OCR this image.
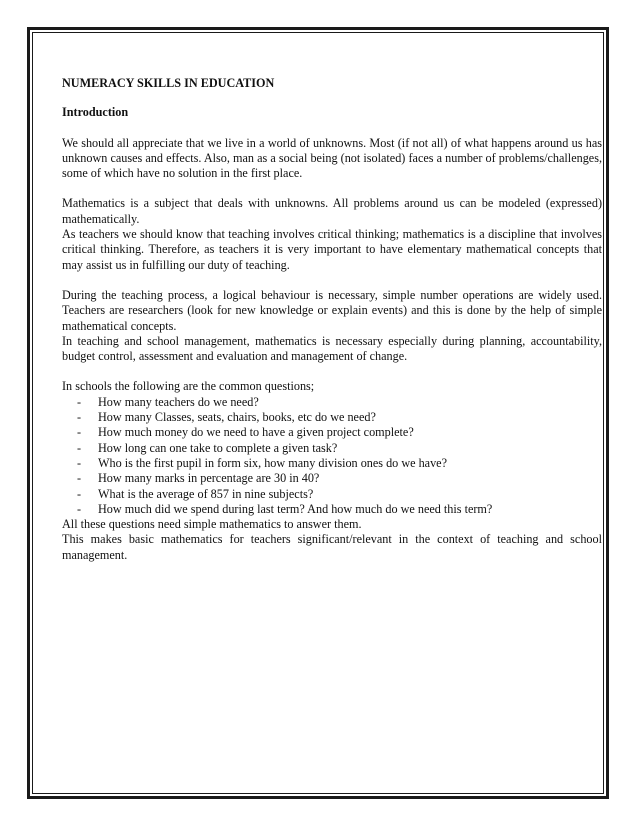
NUMERACY SKILLS IN EDUCATION
Introduction

We should all appreciate that we live in a world of unknowns. Most (if not all) of what happens around us has unknown causes and effects. Also, man as a social being (not isolated) faces a number of problems/challenges, some of which have no solution in the first place.

Mathematics is a subject that deals with unknowns. All problems around us can be modeled (expressed) mathematically.

As teachers we should know that teaching involves critical thinking; mathematics is a discipline that involves critical thinking. Therefore, as teachers it is very important to have elementary mathematical concepts that may assist us in fulfilling our duty of teaching.

During the teaching process, a logical behaviour is necessary, simple number operations are widely used. Teachers are researchers (look for new knowledge or explain events) and this is done by the help of simple mathematical concepts.

In teaching and school management, mathematics is necessary especially during planning, accountability, budget control, assessment and evaluation and management of change.

In schools the following are the common questions;

- How many teachers do we need?
- How many Classes, seats, chairs, books, etc do we need?
- How much money do we need to have a given project complete?
- How long can one take to complete a given task?
- Who is the first pupil in form six, how many division ones do we have?
- How many marks in percentage are 30 in 40?
- What is the average of 857 in nine subjects?
- How much did we spend during last term? And how much do we need this term?

All these questions need simple mathematics to answer them.

This makes basic mathematics for teachers significant/relevant in the context of teaching and school management.
